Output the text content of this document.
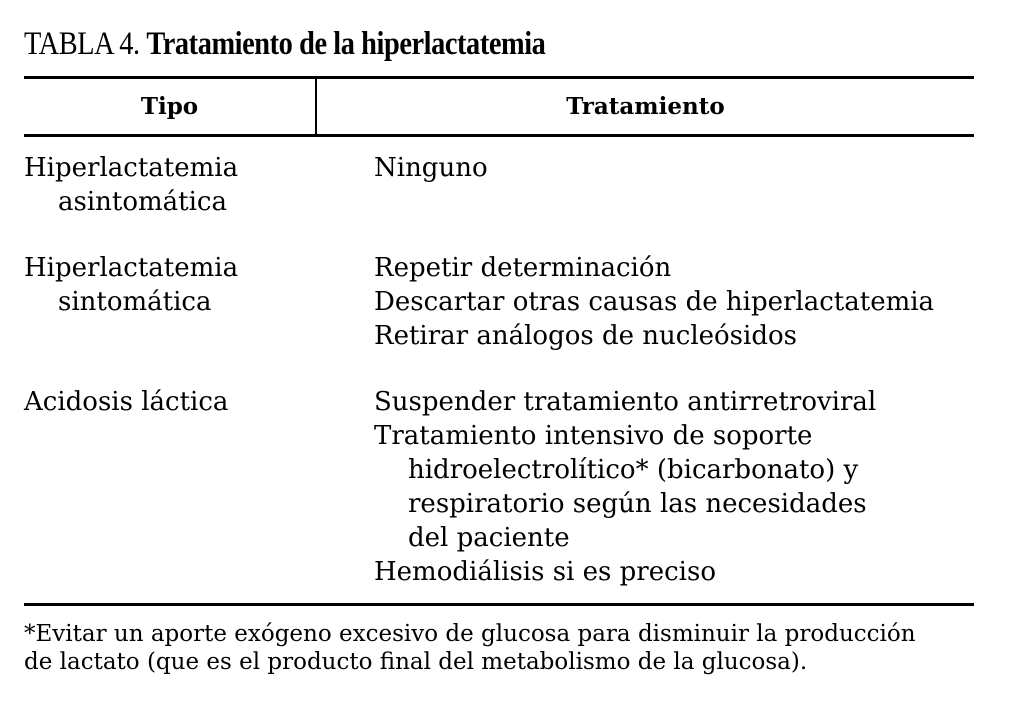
TABLA 4. Tratamiento de la hiperlactatemia
Tipo	Tratamiento
Hiperlactatemia
asintomática
Ninguno
Hiperlactatemia
sintomática
Repetir determinación
Descartar otras causas de hiperlactatemia
Retirar análogos de nucleósidos
Acidosis láctica	Suspender tratamiento antirretroviral
Tratamiento intensivo de soporte
hidroelectrolítico* (bicarbonato) y
respiratorio según las necesidades
del paciente
Hemodiálisis si es preciso
*Evitar un aporte exógeno excesivo de glucosa para disminuir la producción
de lactato (que es el producto final del metabolismo de la glucosa).
